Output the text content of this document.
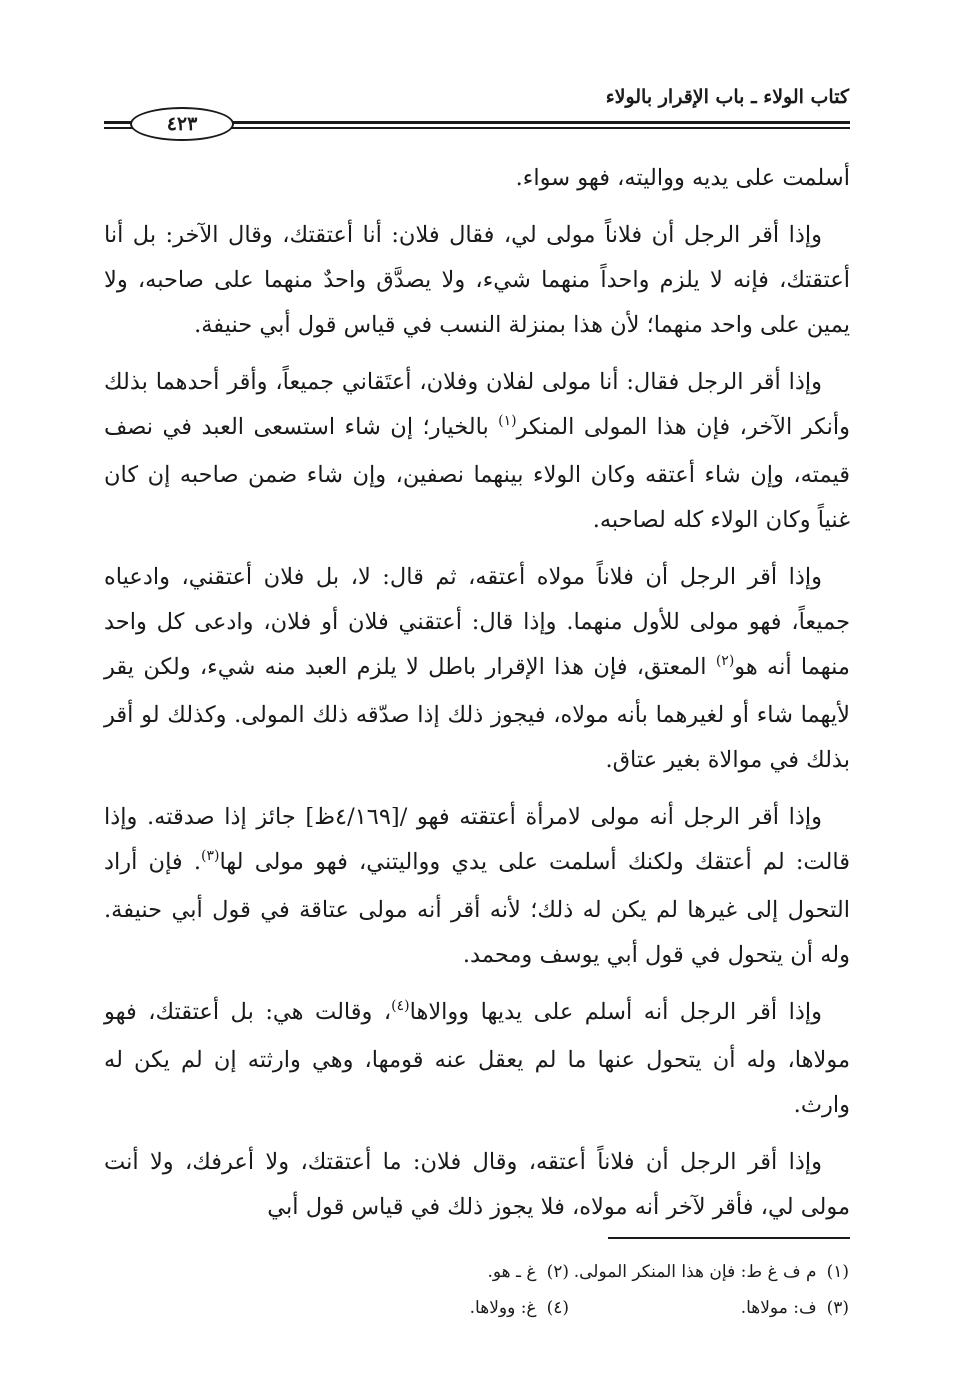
كتاب الولاء ـ باب الإقرار بالولاء
٤٢٣

أسلمت على يديه وواليته، فهو سواء.

وإذا أقر الرجل أن فلاناً مولى لي، فقال فلان: أنا أعتقتك، وقال الآخر: بل أنا أعتقتك، فإنه لا يلزم واحداً منهما شيء، ولا يصدَّق واحدٌ منهما على صاحبه، ولا يمين على واحد منهما؛ لأن هذا بمنزلة النسب في قياس قول أبي حنيفة.

وإذا أقر الرجل فقال: أنا مولى لفلان وفلان، أعتَقاني جميعاً، وأقر أحدهما بذلك وأنكر الآخر، فإن هذا المولى المنكر$^{(١)}$ بالخيار؛ إن شاء استسعى العبد في نصف قيمته، وإن شاء أعتقه وكان الولاء بينهما نصفين، وإن شاء ضمن صاحبه إن كان غنياً وكان الولاء كله لصاحبه.

وإذا أقر الرجل أن فلاناً مولاه أعتقه، ثم قال: لا، بل فلان أعتقني، وادعياه جميعاً، فهو مولى للأول منهما. وإذا قال: أعتقني فلان أو فلان، وادعى كل واحد منهما أنه هو$^{(٢)}$ المعتق، فإن هذا الإقرار باطل لا يلزم العبد منه شيء، ولكن يقر لأيهما شاء أو لغيرهما بأنه مولاه، فيجوز ذلك إذا صدّقه ذلك المولى. وكذلك لو أقر بذلك في موالاة بغير عتاق.

وإذا أقر الرجل أنه مولى لامرأة أعتقته فهو /[٤/١٦٩ظ] جائز إذا صدقته. وإذا قالت: لم أعتقك ولكنك أسلمت على يدي وواليتني، فهو مولى لها$^{(٣)}$. فإن أراد التحول إلى غيرها لم يكن له ذلك؛ لأنه أقر أنه مولى عتاقة في قول أبي حنيفة. وله أن يتحول في قول أبي يوسف ومحمد.

وإذا أقر الرجل أنه أسلم على يديها ووالاها$^{(٤)}$، وقالت هي: بل أعتقتك، فهو مولاها، وله أن يتحول عنها ما لم يعقل عنه قومها، وهي وارثته إن لم يكن له وارث.

وإذا أقر الرجل أن فلاناً أعتقه، وقال فلان: ما أعتقتك، ولا أعرفك، ولا أنت مولى لي، فأقر لآخر أنه مولاه، فلا يجوز ذلك في قياس قول أبي

(١)م ف غ ط: فإن هذا المنكر المولى.
(٢)غ ـ هو.
(٣)ف: مولاها.
(٤)غ: وولاها.
